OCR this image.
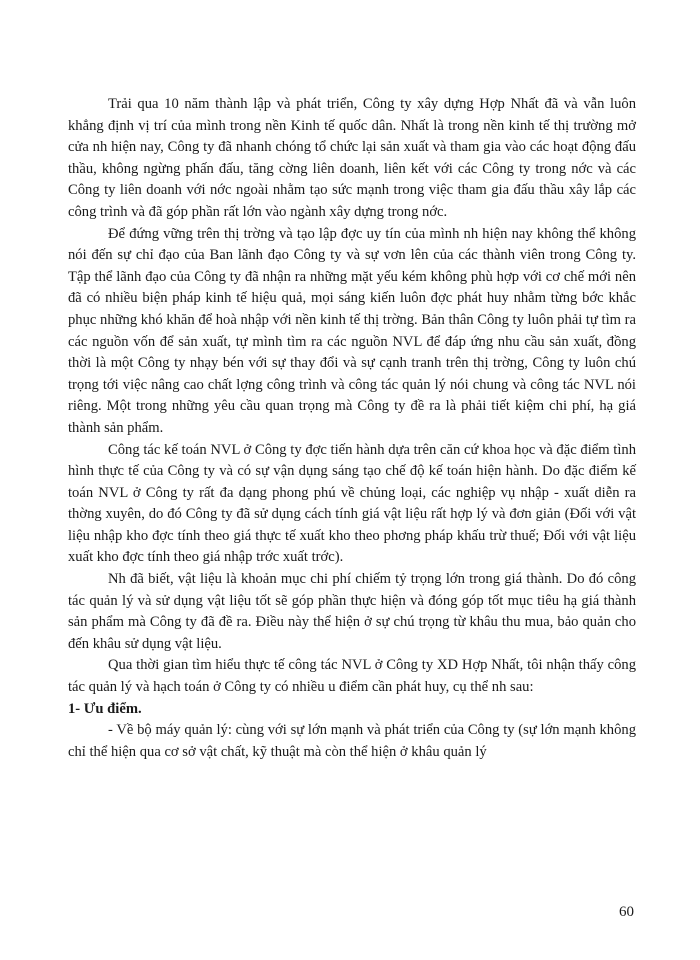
Trải qua 10 năm thành lập và phát triển, Công ty xây dựng Hợp Nhất đã và vẫn luôn khẳng định vị trí của mình trong nền Kinh tế quốc dân. Nhất là trong nền kinh tế thị trường mở cửa nh hiện nay, Công ty đã nhanh chóng tổ chức lại sản xuất và tham gia vào các hoạt động đấu thầu, không ngừng phấn đấu, tăng cờng liên doanh, liên kết với các Công ty trong nớc và các Công ty liên doanh với nớc ngoài nhằm tạo sức mạnh trong việc tham gia đấu thầu xây lắp các công trình và đã góp phần rất lớn vào ngành xây dựng trong nớc.

Để đứng vững trên thị trờng và tạo lập đợc uy tín của mình nh hiện nay không thể không nói đến sự chỉ đạo của Ban lãnh đạo Công ty và sự vơn lên của các thành viên trong Công ty. Tập thể lãnh đạo của Công ty đã nhận ra những mặt yếu kém không phù hợp với cơ chế mới nên đã có nhiều biện pháp kinh tế hiệu quả, mọi sáng kiến luôn đợc phát huy nhằm từng bớc khắc phục những khó khăn để hoà nhập với nền kinh tế thị trờng. Bản thân Công ty luôn phải tự tìm ra các nguồn vốn để sản xuất, tự mình tìm ra các nguồn NVL để đáp ứng nhu cầu sản xuất, đồng thời là một Công ty nhạy bén với sự thay đổi và sự cạnh tranh trên thị trờng, Công ty luôn chú trọng tới việc nâng cao chất lợng công trình và công tác quản lý nói chung và công tác NVL nói riêng. Một trong những yêu cầu quan trọng mà Công ty đề ra là phải tiết kiệm chi phí, hạ giá thành sản phẩm.

Công tác kế toán NVL ở Công ty đợc tiến hành dựa trên căn cứ khoa học và đặc điểm tình hình thực tế của Công ty và có sự vận dụng sáng tạo chế độ kế toán hiện hành. Do đặc điểm kế toán NVL ở Công ty rất đa dạng phong phú về chủng loại, các nghiệp vụ nhập - xuất diễn ra thờng xuyên, do đó Công ty đã sử dụng cách tính giá vật liệu rất hợp lý và đơn giản (Đối với vật liệu nhập kho đợc tính theo giá thực tế xuất kho theo phơng pháp khấu trừ thuế; Đối với vật liệu xuất kho đợc tính theo giá nhập trớc xuất trớc).

Nh đã biết, vật liệu là khoản mục chi phí chiếm tỷ trọng lớn trong giá thành. Do đó công tác quản lý và sử dụng vật liệu tốt sẽ góp phần thực hiện và đóng góp tốt mục tiêu hạ giá thành sản phẩm mà Công ty đã đề ra. Điều này thể hiện ở sự chú trọng từ khâu thu mua, bảo quản cho đến khâu sử dụng vật liệu.

Qua thời gian tìm hiểu thực tế công tác NVL ở Công ty XD Hợp Nhất, tôi nhận thấy công tác quản lý và hạch toán ở Công ty có nhiều u điểm cần phát huy, cụ thể nh sau:

1- Ưu điểm.

- Về bộ máy quản lý: cùng với sự lớn mạnh và phát triển của Công ty (sự lớn mạnh không chỉ thể hiện qua cơ sở vật chất, kỹ thuật mà còn thể hiện ở khâu quản lý

60
